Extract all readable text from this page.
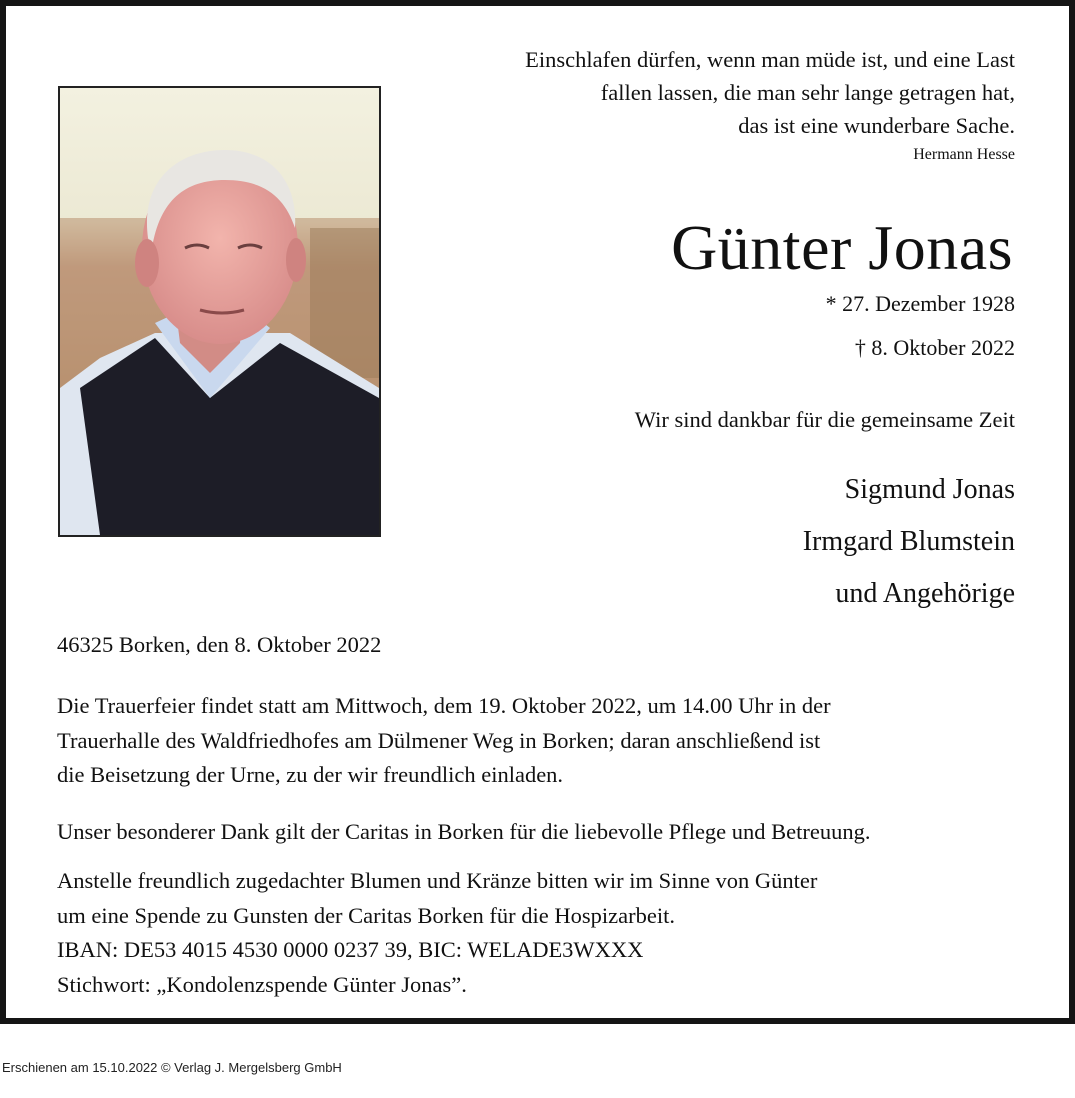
Einschlafen dürfen, wenn man müde ist, und eine Last
fallen lassen, die man sehr lange getragen hat,
das ist eine wunderbare Sache.
Hermann Hesse
Günter Jonas
* 27. Dezember 1928
† 8. Oktober 2022
Wir sind dankbar für die gemeinsame Zeit
Sigmund Jonas
Irmgard Blumstein
und Angehörige
46325 Borken, den 8. Oktober 2022
Die Trauerfeier findet statt am Mittwoch, dem 19. Oktober 2022, um 14.00 Uhr in der
Trauerhalle des Waldfriedhofes am Dülmener Weg in Borken; daran anschließend ist
die Beisetzung der Urne, zu der wir freundlich einladen.
Unser besonderer Dank gilt der Caritas in Borken für die liebevolle Pflege und Betreuung.
Anstelle freundlich zugedachter Blumen und Kränze bitten wir im Sinne von Günter
um eine Spende zu Gunsten der Caritas Borken für die Hospizarbeit.
IBAN: DE53 4015 4530 0000 0237 39, BIC: WELADE3WXXX
Stichwort: „Kondolenzspende Günter Jonas”.
Erschienen am 15.10.2022 © Verlag J. Mergelsberg GmbH
